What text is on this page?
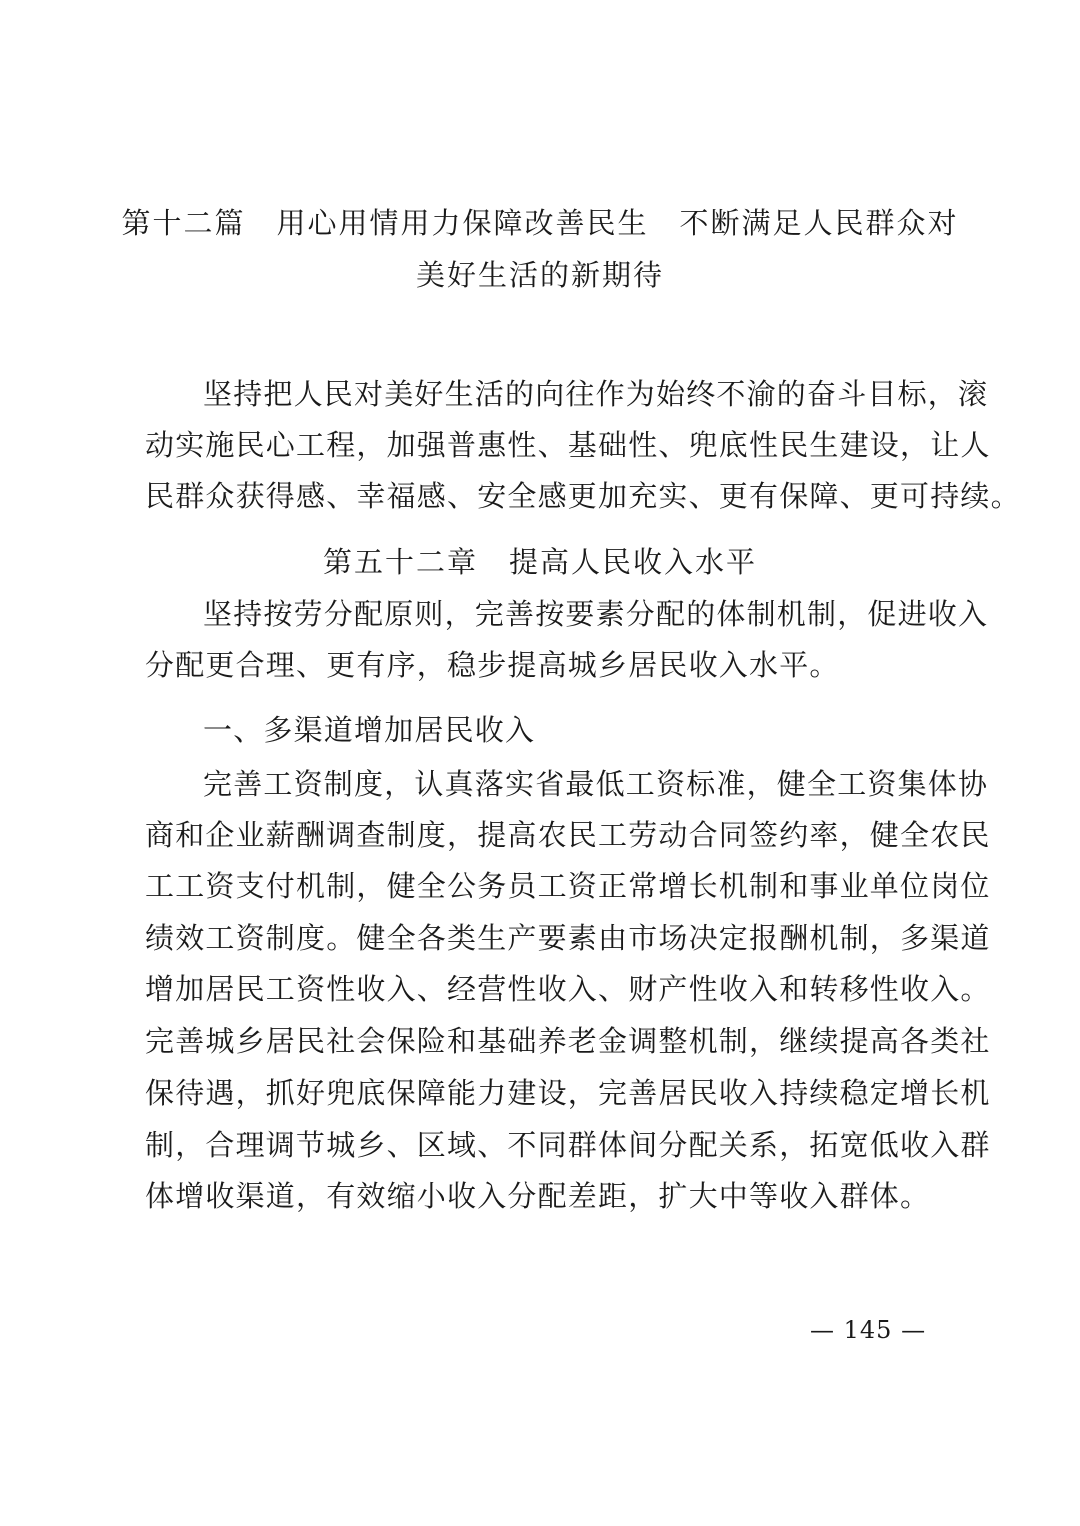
第十二篇　用心用情用力保障改善民生　不断满足人民群众对
美好生活的新期待
坚持把人民对美好生活的向往作为始终不渝的奋斗目标，滚
动实施民心工程，加强普惠性、基础性、兜底性民生建设，让人
民群众获得感、幸福感、安全感更加充实、更有保障、更可持续。
第五十二章　提高人民收入水平
坚持按劳分配原则，完善按要素分配的体制机制，促进收入
分配更合理、更有序，稳步提高城乡居民收入水平。
一、多渠道增加居民收入
完善工资制度，认真落实省最低工资标准，健全工资集体协
商和企业薪酬调查制度，提高农民工劳动合同签约率，健全农民
工工资支付机制，健全公务员工资正常增长机制和事业单位岗位
绩效工资制度。健全各类生产要素由市场决定报酬机制，多渠道
增加居民工资性收入、经营性收入、财产性收入和转移性收入。
完善城乡居民社会保险和基础养老金调整机制，继续提高各类社
保待遇，抓好兜底保障能力建设，完善居民收入持续稳定增长机
制，合理调节城乡、区域、不同群体间分配关系，拓宽低收入群
体增收渠道，有效缩小收入分配差距，扩大中等收入群体。
— 145 —
